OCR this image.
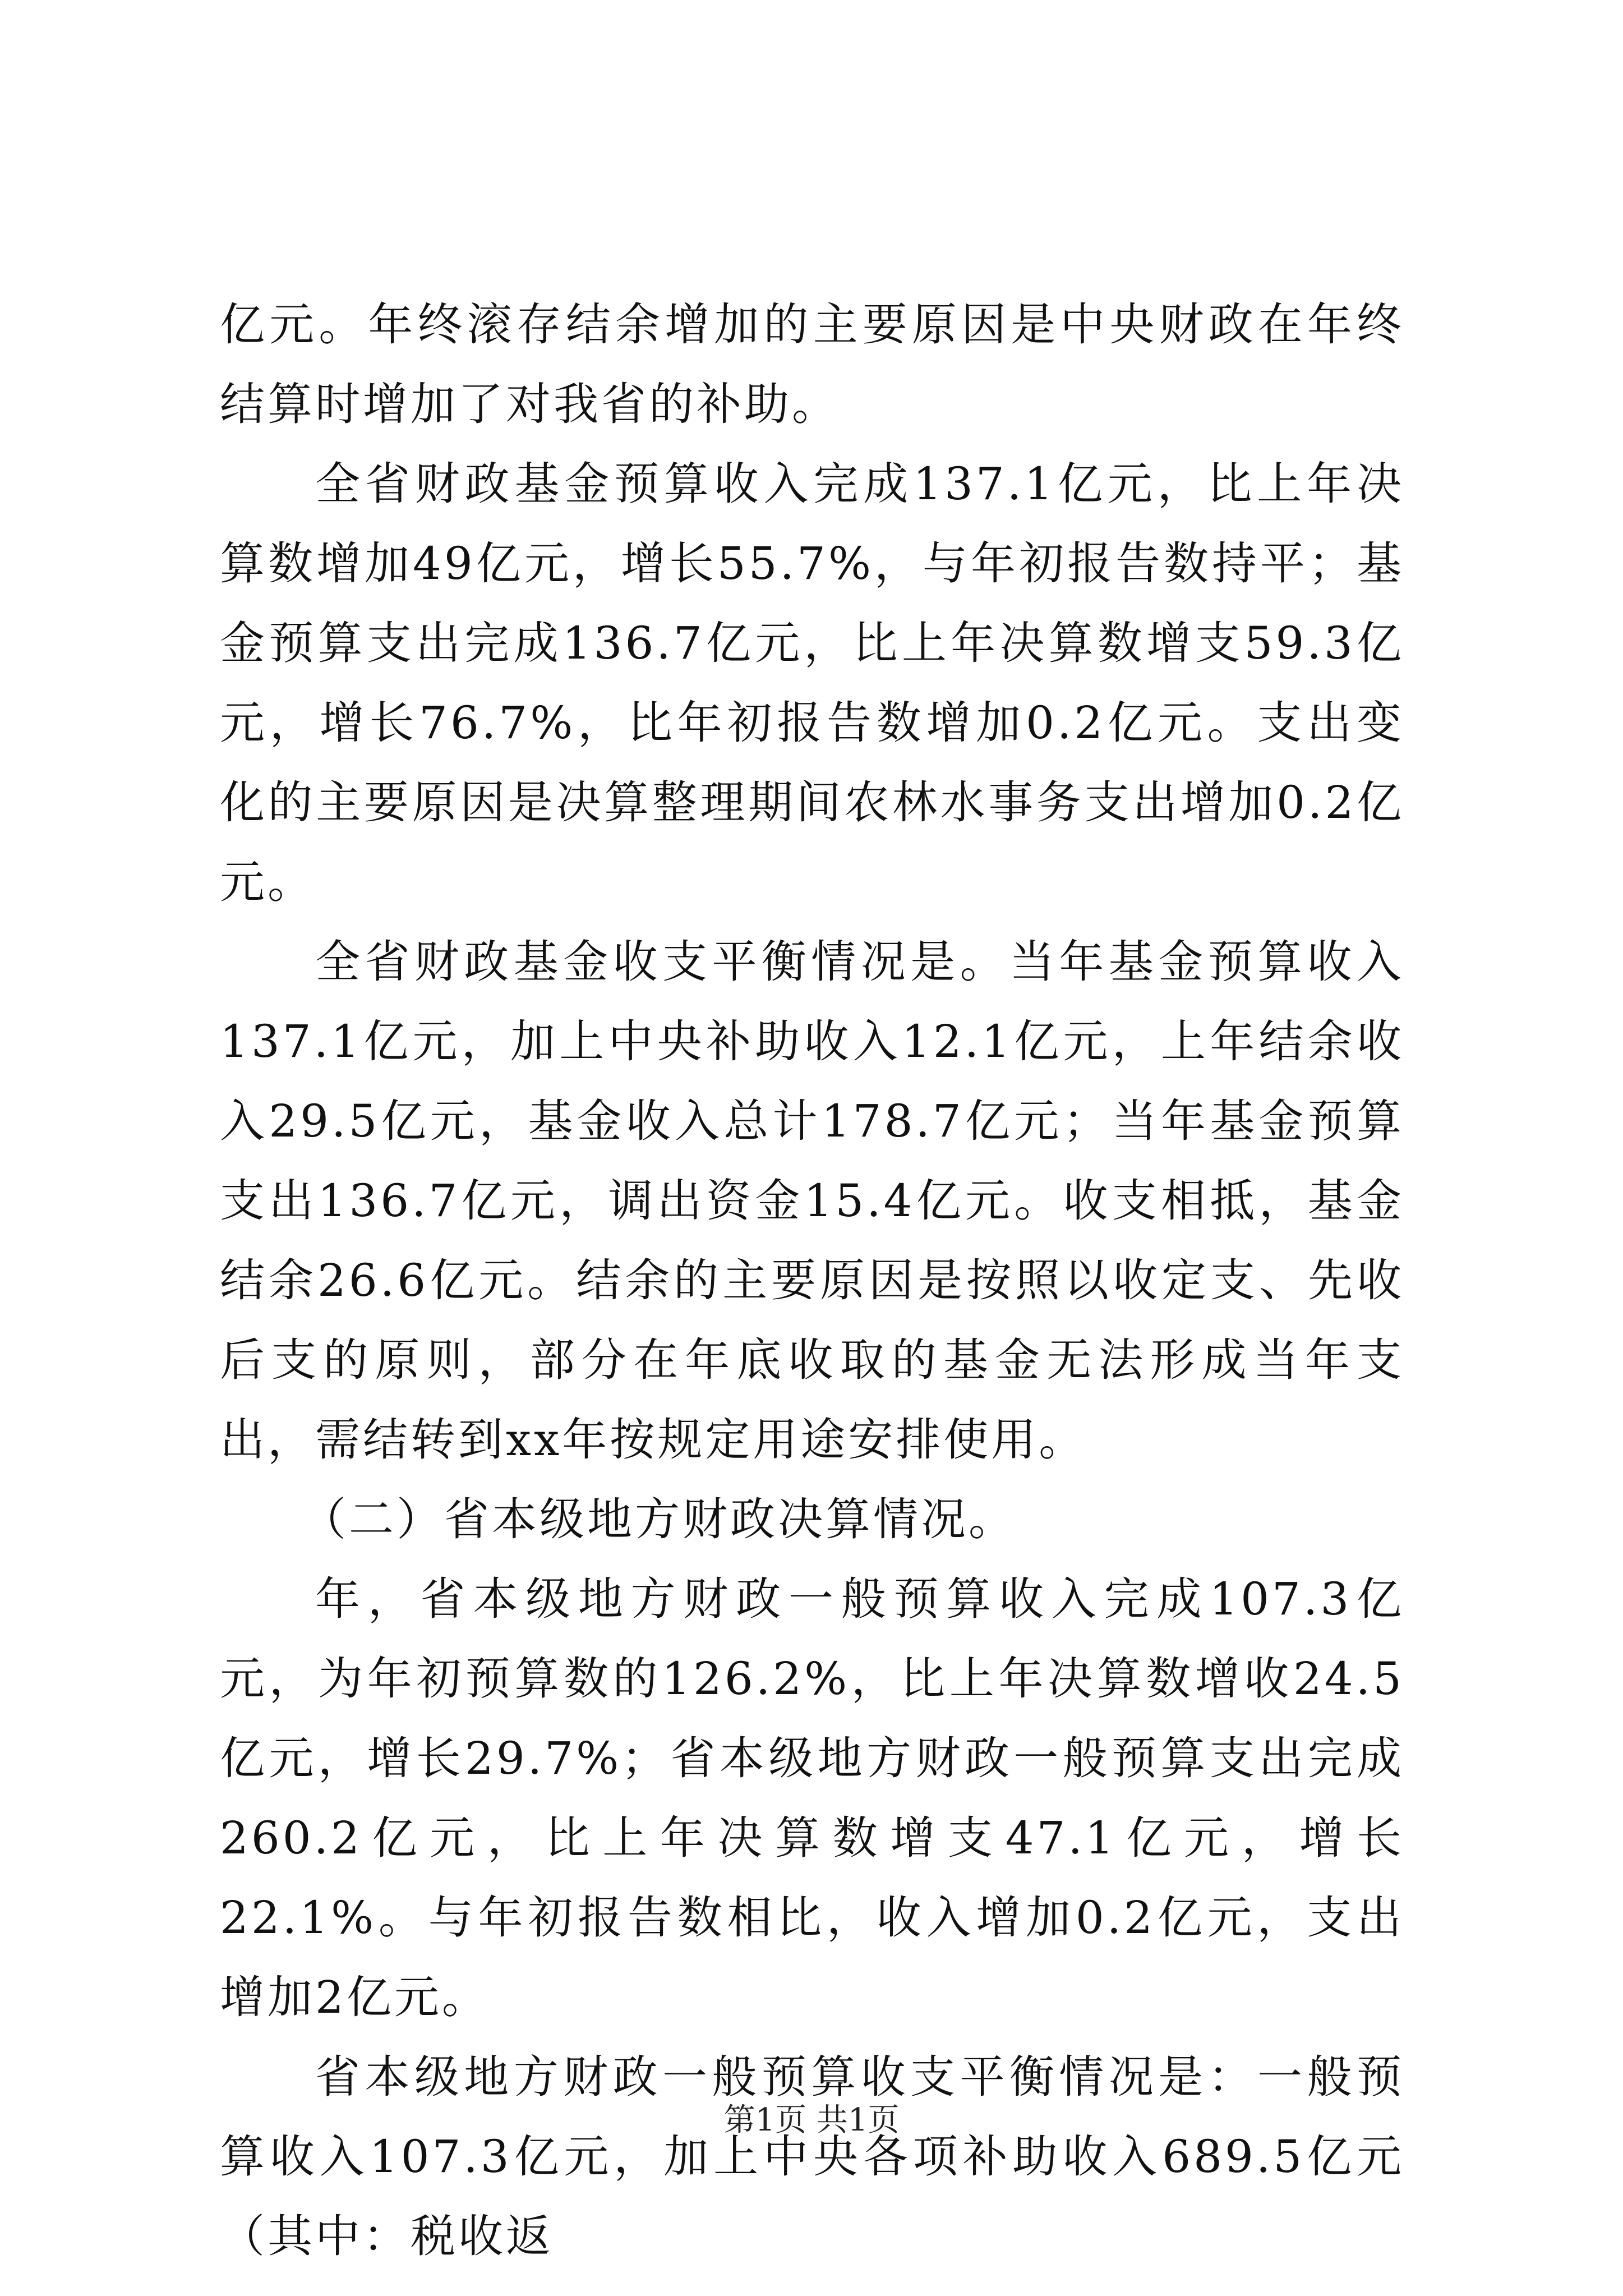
亿元。年终滚存结余增加的主要原因是中央财政在年终结算时增加了对我省的补助。

全省财政基金预算收入完成137.1亿元，比上年决算数增加49亿元，增长55.7%，与年初报告数持平；基金预算支出完成136.7亿元，比上年决算数增支59.3亿元，增长76.7%，比年初报告数增加0.2亿元。支出变化的主要原因是决算整理期间农林水事务支出增加0.2亿元。

全省财政基金收支平衡情况是。当年基金预算收入137.1亿元，加上中央补助收入12.1亿元，上年结余收入29.5亿元，基金收入总计178.7亿元；当年基金预算支出136.7亿元，调出资金15.4亿元。收支相抵，基金结余26.6亿元。结余的主要原因是按照以收定支、先收后支的原则，部分在年底收取的基金无法形成当年支出，需结转到xx年按规定用途安排使用。

（二）省本级地方财政决算情况。

年，省本级地方财政一般预算收入完成107.3亿元，为年初预算数的126.2%，比上年决算数增收24.5亿元，增长29.7%；省本级地方财政一般预算支出完成260.2亿元，比上年决算数增支47.1亿元，增长22.1%。与年初报告数相比，收入增加0.2亿元，支出增加2亿元。

省本级地方财政一般预算收支平衡情况是：一般预算收入107.3亿元，加上中央各项补助收入689.5亿元（其中：税收返

第1页 共1页
